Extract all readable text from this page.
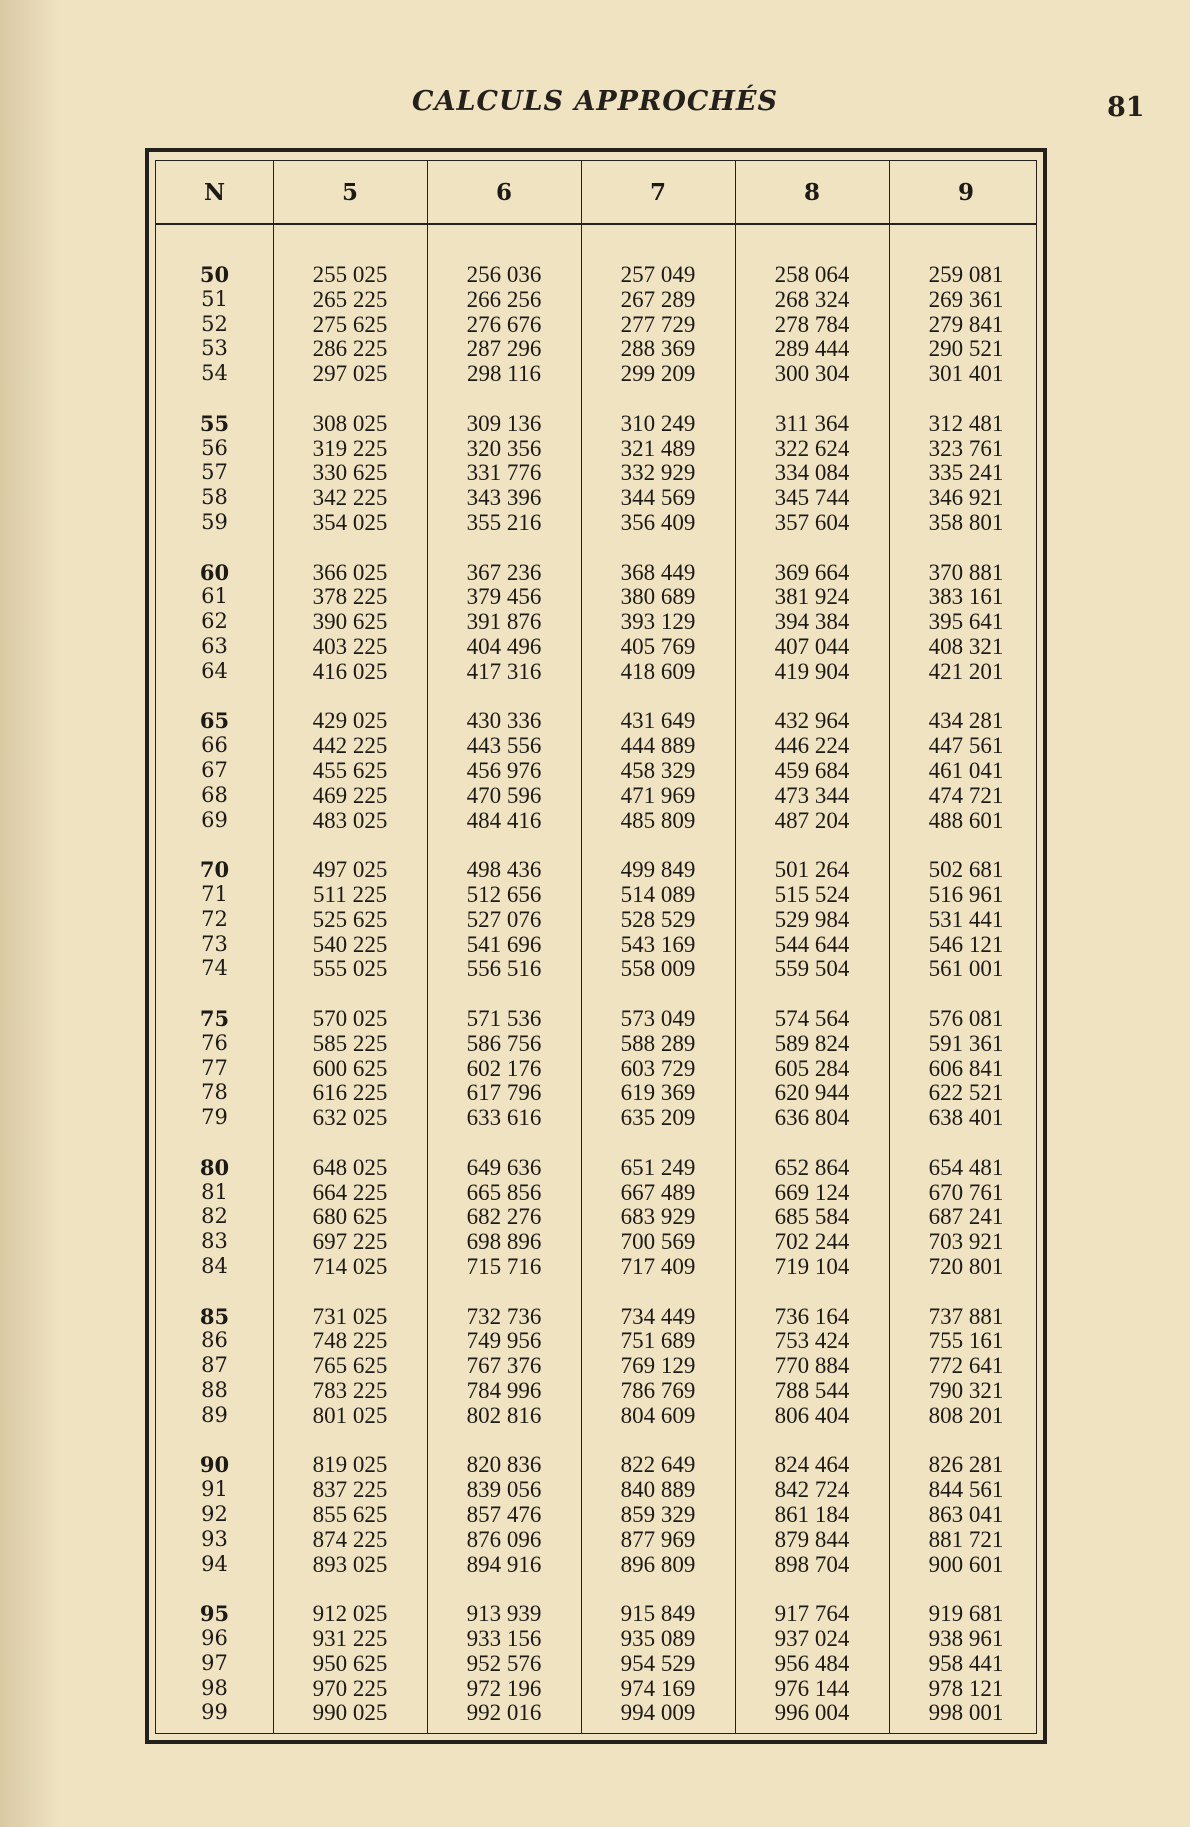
CALCULS APPROCHÉS	81
N	5	6	7	8	9
50	255 025	256 036	257 049	258 064	259 081
51	265 225	266 256	267 289	268 324	269 361
52	275 625	276 676	277 729	278 784	279 841
53	286 225	287 296	288 369	289 444	290 521
54	297 025	298 116	299 209	300 304	301 401
55	308 025	309 136	310 249	311 364	312 481
56	319 225	320 356	321 489	322 624	323 761
57	330 625	331 776	332 929	334 084	335 241
58	342 225	343 396	344 569	345 744	346 921
59	354 025	355 216	356 409	357 604	358 801
60	366 025	367 236	368 449	369 664	370 881
61	378 225	379 456	380 689	381 924	383 161
62	390 625	391 876	393 129	394 384	395 641
63	403 225	404 496	405 769	407 044	408 321
64	416 025	417 316	418 609	419 904	421 201
65	429 025	430 336	431 649	432 964	434 281
66	442 225	443 556	444 889	446 224	447 561
67	455 625	456 976	458 329	459 684	461 041
68	469 225	470 596	471 969	473 344	474 721
69	483 025	484 416	485 809	487 204	488 601
70	497 025	498 436	499 849	501 264	502 681
71	511 225	512 656	514 089	515 524	516 961
72	525 625	527 076	528 529	529 984	531 441
73	540 225	541 696	543 169	544 644	546 121
74	555 025	556 516	558 009	559 504	561 001
75	570 025	571 536	573 049	574 564	576 081
76	585 225	586 756	588 289	589 824	591 361
77	600 625	602 176	603 729	605 284	606 841
78	616 225	617 796	619 369	620 944	622 521
79	632 025	633 616	635 209	636 804	638 401
80	648 025	649 636	651 249	652 864	654 481
81	664 225	665 856	667 489	669 124	670 761
82	680 625	682 276	683 929	685 584	687 241
83	697 225	698 896	700 569	702 244	703 921
84	714 025	715 716	717 409	719 104	720 801
85	731 025	732 736	734 449	736 164	737 881
86	748 225	749 956	751 689	753 424	755 161
87	765 625	767 376	769 129	770 884	772 641
88	783 225	784 996	786 769	788 544	790 321
89	801 025	802 816	804 609	806 404	808 201
90	819 025	820 836	822 649	824 464	826 281
91	837 225	839 056	840 889	842 724	844 561
92	855 625	857 476	859 329	861 184	863 041
93	874 225	876 096	877 969	879 844	881 721
94	893 025	894 916	896 809	898 704	900 601
95	912 025	913 939	915 849	917 764	919 681
96	931 225	933 156	935 089	937 024	938 961
97	950 625	952 576	954 529	956 484	958 441
98	970 225	972 196	974 169	976 144	978 121
99	990 025	992 016	994 009	996 004	998 001
